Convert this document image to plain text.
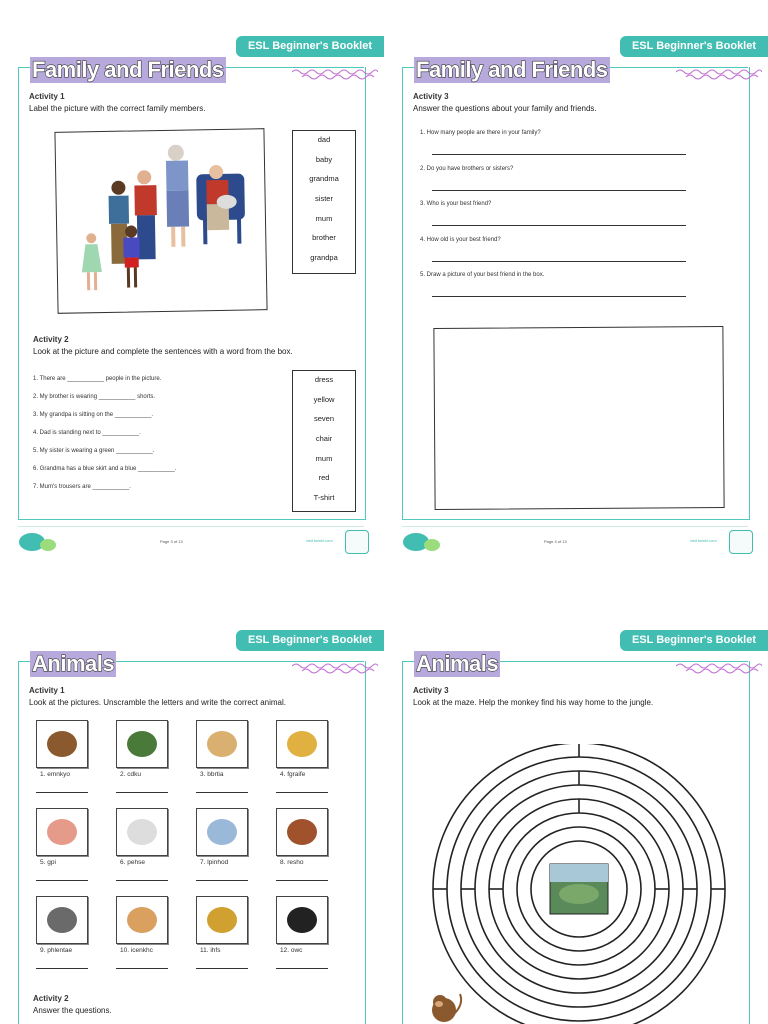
ESL Beginner's Booklet
Family and Friends
Activity 1
Label the picture with the correct family members.
dad
baby
grandma
sister
mum
brother
grandpa
Activity 2
Look at the picture and complete the sentences with a word from the box.
1. There are ___________ people in the picture.
2. My brother is wearing ___________ shorts.
3. My grandpa is sitting on the ___________.
4. Dad is standing next to ___________.
5. My sister is wearing a green ___________.
6. Grandma has a blue skirt and a blue ___________.
7. Mum's trousers are ___________.
dress
yellow
seven
chair
mum
red
T-shirt
Page 3 of 13	visit twinkl.com
ESL Beginner's Booklet
Family and Friends
Activity 3
Answer the questions about your family and friends.
1. How many people are there in your family?
2. Do you have brothers or sisters?
3. Who is your best friend?
4. How old is your best friend?
5. Draw a picture of your best friend in the box.
Page 4 of 13	visit twinkl.com
ESL Beginner's Booklet
Animals
Activity 1
Look at the pictures. Unscramble the letters and write the correct animal.
1. emnkyo	2. cdku	3. bbrtia	4. fgraife
5. gpi	6. pehse	7. lpinhod	8. resho
9. phlentae	10. icenkhc	11. ihfs	12. owc
Activity 2
Answer the questions.
ESL Beginner's Booklet
Animals
Activity 3
Look at the maze. Help the monkey find his way home to the jungle.
